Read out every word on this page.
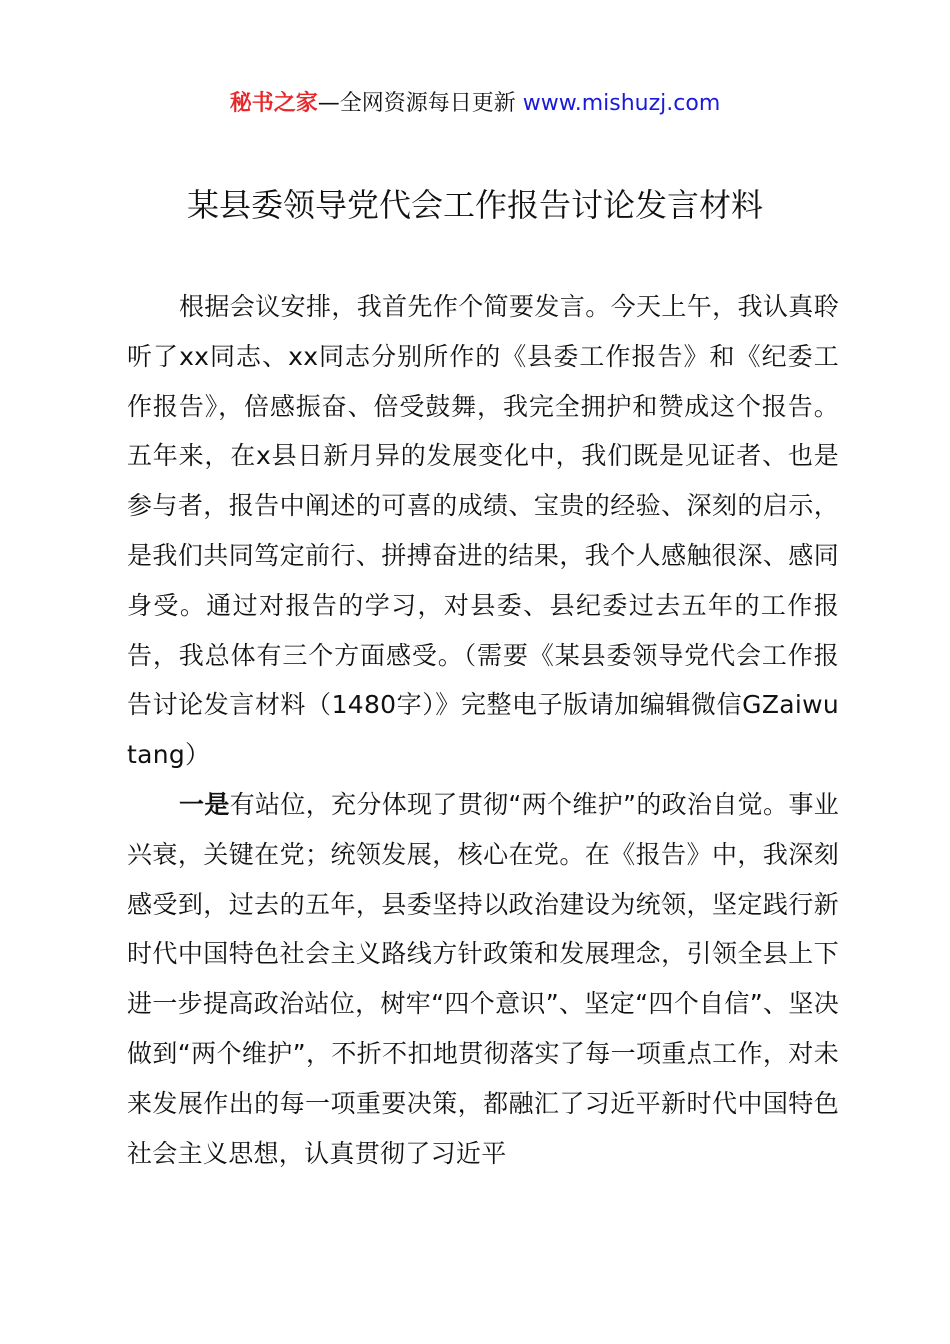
秘书之家—全网资源每日更新 www.mishuzj.com
某县委领导党代会工作报告讨论发言材料

根据会议安排，我首先作个简要发言。今天上午，我认真聆听了xx同志、xx同志分别所作的《县委工作报告》和《纪委工作报告》，倍感振奋、倍受鼓舞，我完全拥护和赞成这个报告。五年来，在x县日新月异的发展变化中，我们既是见证者、也是参与者，报告中阐述的可喜的成绩、宝贵的经验、深刻的启示，是我们共同笃定前行、拼搏奋进的结果，我个人感触很深、感同身受。通过对报告的学习，对县委、县纪委过去五年的工作报告，我总体有三个方面感受。（需要《某县委领导党代会工作报告讨论发言材料（1480字）》完整电子版请加编辑微信GZaiwutang）

一是有站位，充分体现了贯彻“两个维护”的政治自觉。事业兴衰，关键在党；统领发展，核心在党。在《报告》中，我深刻感受到，过去的五年，县委坚持以政治建设为统领，坚定践行新时代中国特色社会主义路线方针政策和发展理念，引领全县上下进一步提高政治站位，树牢“四个意识”、坚定“四个自信”、坚决做到“两个维护”，不折不扣地贯彻落实了每一项重点工作，对未来发展作出的每一项重要决策，都融汇了习近平新时代中国特色社会主义思想，认真贯彻了习近平
